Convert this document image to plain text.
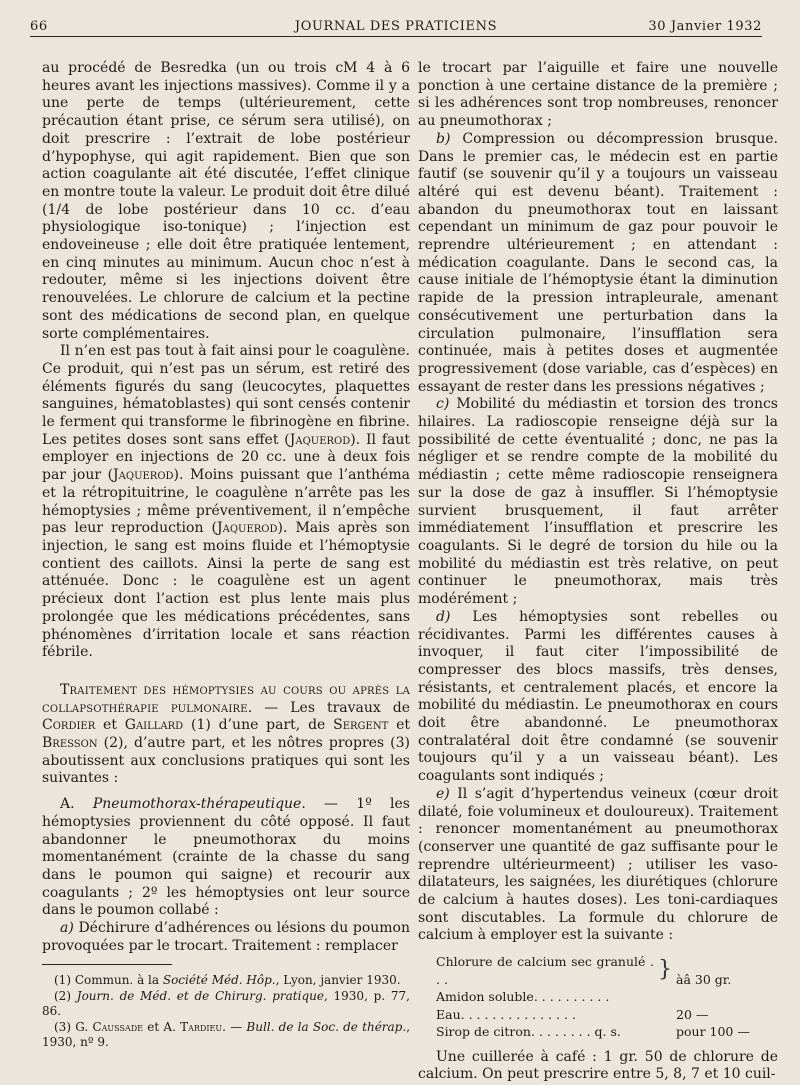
66	JOURNAL DES PRATICIENS	30 Janvier 1932

au procédé de Besredka (un ou trois cM 4 à 6 heures avant les injections massives). Comme il y a une perte de temps (ultérieurement, cette précaution étant prise, ce sérum sera utilisé), on doit prescrire : l’extrait de lobe postérieur d’hypophyse, qui agit rapidement. Bien que son action coagulante ait été discutée, l’effet clinique en montre toute la valeur. Le produit doit être dilué (1/4 de lobe postérieur dans 10 cc. d’eau physiologique iso-tonique) ; l’injection est endoveineuse ; elle doit être pratiquée lentement, en cinq minutes au minimum. Aucun choc n’est à redouter, même si les injections doivent être renouvelées. Le chlorure de calcium et la pectine sont des médications de second plan, en quelque sorte complémentaires.

Il n’en est pas tout à fait ainsi pour le coagulène. Ce produit, qui n’est pas un sérum, est retiré des éléments figurés du sang (leucocytes, plaquettes sanguines, hématoblastes) qui sont censés contenir le ferment qui transforme le fibrinogène en fibrine. Les petites doses sont sans effet (Jaquerod). Il faut employer en injections de 20 cc. une à deux fois par jour (Jaquerod). Moins puissant que l’anthéma et la rétropituitrine, le coagulène n’arrête pas les hémoptysies ; même préventivement, il n’empêche pas leur reproduction (Jaquerod). Mais après son injection, le sang est moins fluide et l’hémoptysie contient des caillots. Ainsi la perte de sang est atténuée. Donc : le coagulène est un agent précieux dont l’action est plus lente mais plus prolongée que les médications précédentes, sans phénomènes d’irritation locale et sans réaction fébrile.

Traitement des hémoptysies au cours ou après la collapsothérapie pulmonaire. — Les travaux de Cordier et Gaillard (1) d’une part, de Sergent et Bresson (2), d’autre part, et les nôtres propres (3) aboutissent aux conclusions pratiques qui sont les suivantes :

A. Pneumothorax-thérapeutique. — 1º les hémoptysies proviennent du côté opposé. Il faut abandonner le pneumothorax du moins momentanément (crainte de la chasse du sang dans le poumon qui saigne) et recourir aux coagulants ; 2º les hémoptysies ont leur source dans le poumon collabé :

a) Déchirure d’adhérences ou lésions du poumon provoquées par le trocart. Traitement : remplacer

(1) Commun. à la Société Méd. Hôp., Lyon, janvier 1930.

(2) Journ. de Méd. et de Chirurg. pratique, 1930, p. 77, 86.

(3) G. Caussade et A. Tardieu. — Bull. de la Soc. de thérap., 1930, nº 9.

le trocart par l’aiguille et faire une nouvelle ponction à une certaine distance de la première ; si les adhérences sont trop nombreuses, renoncer au pneumothorax ;

b) Compression ou décompression brusque. Dans le premier cas, le médecin est en partie fautif (se souvenir qu’il y a toujours un vaisseau altéré qui est devenu béant). Traitement : abandon du pneumothorax tout en laissant cependant un minimum de gaz pour pouvoir le reprendre ultérieurement ; en attendant : médication coagulante. Dans le second cas, la cause initiale de l’hémoptysie étant la diminution rapide de la pression intrapleurale, amenant consécutivement une perturbation dans la circulation pulmonaire, l’insufflation sera continuée, mais à petites doses et augmentée progressivement (dose variable, cas d’espèces) en essayant de rester dans les pressions négatives ;

c) Mobilité du médiastin et torsion des troncs hilaires. La radioscopie renseigne déjà sur la possibilité de cette éventualité ; donc, ne pas la négliger et se rendre compte de la mobilité du médiastin ; cette même radioscopie renseignera sur la dose de gaz à insuffler. Si l’hémoptysie survient brusquement, il faut arrêter immédiatement l’insufflation et prescrire les coagulants. Si le degré de torsion du hile ou la mobilité du médiastin est très relative, on peut continuer le pneumothorax, mais très modérément ;

d) Les hémoptysies sont rebelles ou récidivantes. Parmi les différentes causes à invoquer, il faut citer l’impossibilité de compresser des blocs massifs, très denses, résistants, et centralement placés, et encore la mobilité du médiastin. Le pneumothorax en cours doit être abandonné. Le pneumothorax contralatéral doit être condamné (se souvenir toujours qu’il y a un vaisseau béant). Les coagulants sont indiqués ;

e) Il s’agit d’hypertendus veineux (cœur droit dilaté, foie volumineux et douloureux). Traitement : renoncer momentanément au pneumothorax (conserver une quantité de gaz suffisante pour le reprendre ultérieurmeent) ; utiliser les vaso-dilatateurs, les saignées, les diurétiques (chlorure de calcium à hautes doses). Les toni-cardiaques sont discutables. La formule du chlorure de calcium à employer est la suivante :

Chlorure de calcium sec granulé . . .	} àâ 30 gr.
Amidon soluble. . . . . . . . . .
Eau. . . . . . . . . . . . . . .	20 —
Sirop de citron. . . . . . . . q. s.	pour 100 —

Une cuillerée à café : 1 gr. 50 de chlorure de calcium. On peut prescrire entre 5, 8, 7 et 10 cuil-
